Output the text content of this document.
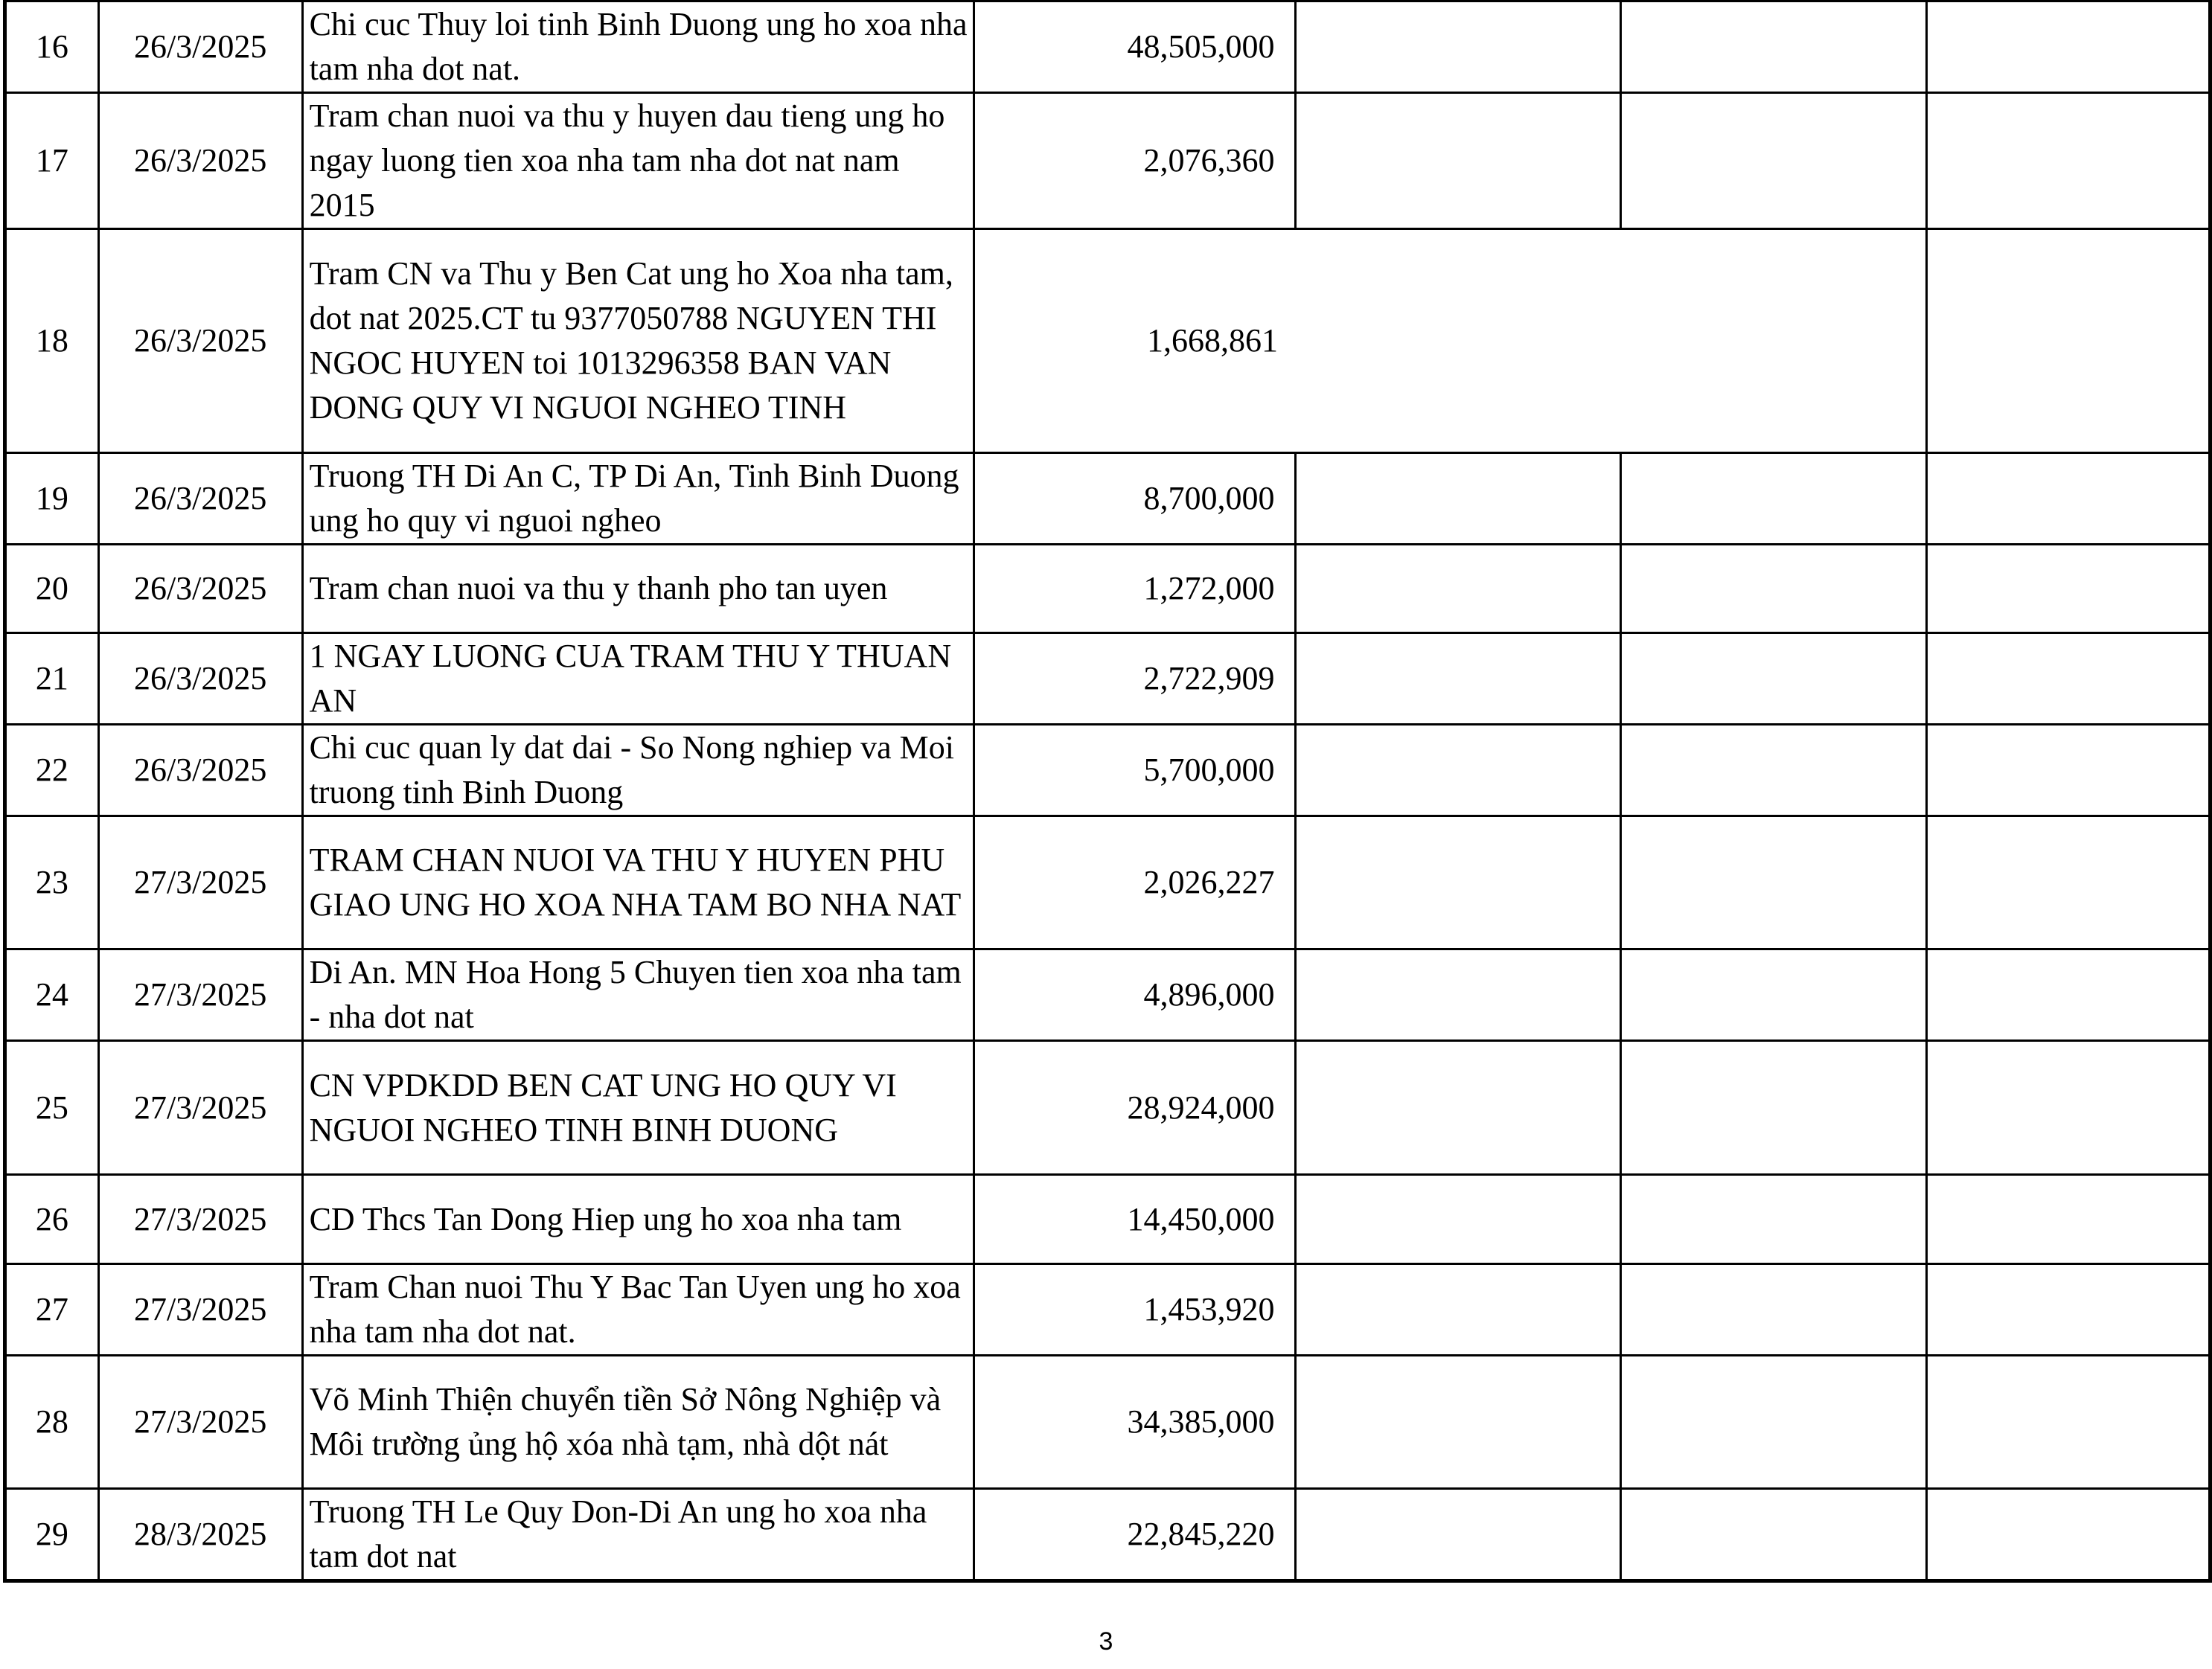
16	26/3/2025	Chi cuc Thuy loi tinh Binh Duong ung ho xoa nha tam nha dot nat.	48,505,000			
17	26/3/2025	Tram chan nuoi va thu y huyen dau tieng ung ho ngay luong tien xoa nha tam nha dot nat nam 2015	2,076,360			
18	26/3/2025	Tram CN va Thu y Ben Cat ung ho Xoa nha tam, dot nat 2025.CT tu 9377050788 NGUYEN THI NGOC HUYEN toi 1013296358 BAN VAN DONG QUY VI NGUOI NGHEO TINH	1,668,861			
19	26/3/2025	Truong TH Di An C, TP Di An, Tinh Binh Duong ung ho quy vi nguoi ngheo	8,700,000			
20	26/3/2025	Tram chan nuoi va thu y thanh pho tan uyen	1,272,000			
21	26/3/2025	1 NGAY LUONG CUA TRAM THU Y THUAN AN	2,722,909			
22	26/3/2025	Chi cuc quan ly dat dai - So Nong nghiep va Moi truong tinh Binh Duong	5,700,000			
23	27/3/2025	TRAM CHAN NUOI VA THU Y HUYEN PHU GIAO UNG HO XOA NHA TAM BO NHA NAT	2,026,227			
24	27/3/2025	Di An. MN Hoa Hong 5 Chuyen tien xoa nha tam - nha dot nat	4,896,000			
25	27/3/2025	CN VPDKDD BEN CAT UNG HO QUY VI NGUOI NGHEO TINH BINH DUONG	28,924,000			
26	27/3/2025	CD Thcs Tan Dong Hiep ung ho xoa nha tam	14,450,000			
27	27/3/2025	Tram Chan nuoi Thu Y Bac Tan Uyen ung ho xoa nha tam nha dot nat.	1,453,920			
28	27/3/2025	Võ Minh Thiện chuyển tiền Sở Nông Nghiệp và Môi trường ủng hộ xóa nhà tạm, nhà dột nát	34,385,000			
29	28/3/2025	Truong TH Le Quy Don-Di An ung ho xoa nha tam dot nat	22,845,220			
3
